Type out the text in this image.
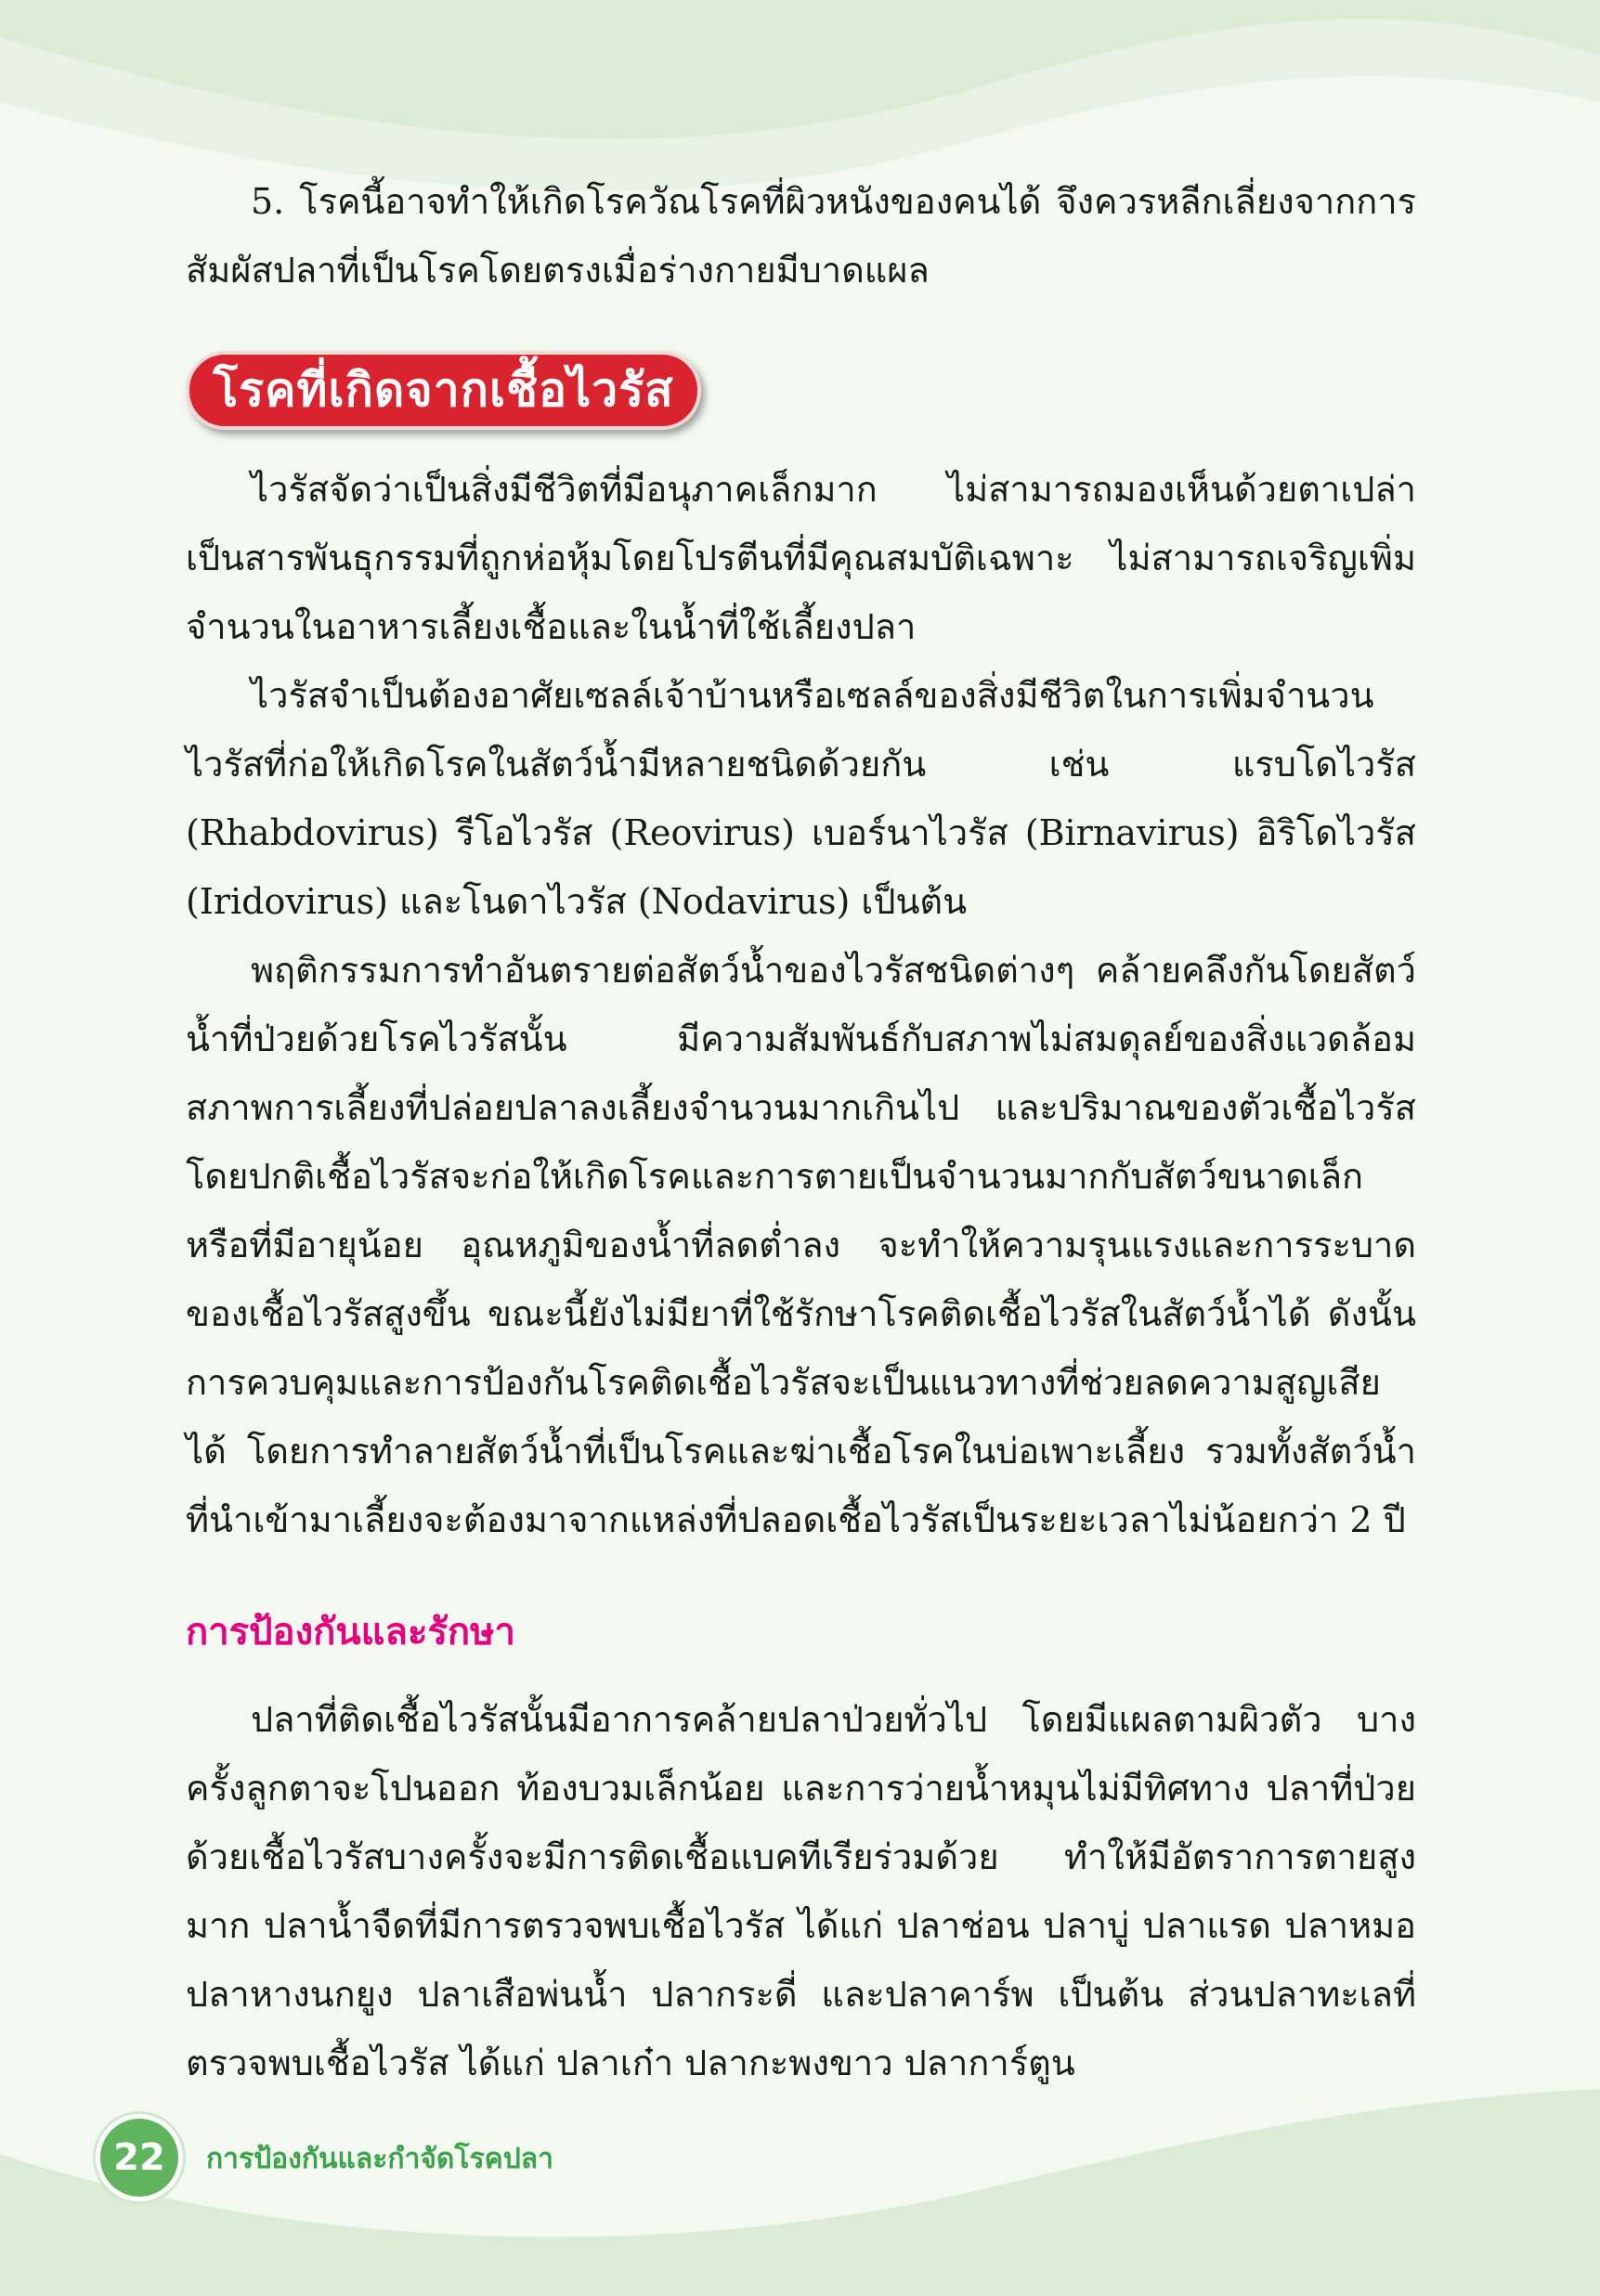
5. โรคนี้อาจทำให้เกิดโรควัณโรคที่ผิวหนังของคนได้ จึงควรหลีกเลี่ยงจากการสัมผัสปลาที่เป็นโรคโดยตรงเมื่อร่างกายมีบาดแผล

ไวรัสจัดว่าเป็นสิ่งมีชีวิตที่มีอนุภาคเล็กมาก ไม่สามารถมองเห็นด้วยตาเปล่า เป็นสารพันธุกรรมที่ถูกห่อหุ้มโดยโปรตีนที่มีคุณสมบัติเฉพาะ ไม่สามารถเจริญเพิ่มจำนวนในอาหารเลี้ยงเชื้อและในน้ำที่ใช้เลี้ยงปลา

ไวรัสจำเป็นต้องอาศัยเซลล์เจ้าบ้านหรือเซลล์ของสิ่งมีชีวิตในการเพิ่มจำนวน ไวรัสที่ก่อให้เกิดโรคในสัตว์น้ำมีหลายชนิดด้วยกัน เช่น แรบโดไวรัส (Rhabdovirus) รีโอไวรัส (Reovirus) เบอร์นาไวรัส (Birnavirus) อิริโดไวรัส (Iridovirus) และโนดาไวรัส (Nodavirus) เป็นต้น

พฤติกรรมการทำอันตรายต่อสัตว์น้ำของไวรัสชนิดต่างๆ คล้ายคลึงกันโดยสัตว์น้ำที่ป่วยด้วยโรคไวรัสนั้น มีความสัมพันธ์กับสภาพไม่สมดุลย์ของสิ่งแวดล้อม สภาพการเลี้ยงที่ปล่อยปลาลงเลี้ยงจำนวนมากเกินไป และปริมาณของตัวเชื้อไวรัส โดยปกติเชื้อไวรัสจะก่อให้เกิดโรคและการตายเป็นจำนวนมากกับสัตว์ขนาดเล็กหรือที่มีอายุน้อย อุณหภูมิของน้ำที่ลดต่ำลง จะทำให้ความรุนแรงและการระบาดของเชื้อไวรัสสูงขึ้น ขณะนี้ยังไม่มียาที่ใช้รักษาโรคติดเชื้อไวรัสในสัตว์น้ำได้ ดังนั้นการควบคุมและการป้องกันโรคติดเชื้อไวรัสจะเป็นแนวทางที่ช่วยลดความสูญเสียได้ โดยการทำลายสัตว์น้ำที่เป็นโรคและฆ่าเชื้อโรคในบ่อเพาะเลี้ยง รวมทั้งสัตว์น้ำที่นำเข้ามาเลี้ยงจะต้องมาจากแหล่งที่ปลอดเชื้อไวรัสเป็นระยะเวลาไม่น้อยกว่า 2 ปี

ปลาที่ติดเชื้อไวรัสนั้นมีอาการคล้ายปลาป่วยทั่วไป โดยมีแผลตามผิวตัว บางครั้งลูกตาจะโปนออก ท้องบวมเล็กน้อย และการว่ายน้ำหมุนไม่มีทิศทาง ปลาที่ป่วยด้วยเชื้อไวรัสบางครั้งจะมีการติดเชื้อแบคทีเรียร่วมด้วย ทำให้มีอัตราการตายสูงมาก ปลาน้ำจืดที่มีการตรวจพบเชื้อไวรัส ได้แก่ ปลาช่อน ปลาบู่ ปลาแรด ปลาหมอ ปลาหางนกยูง ปลาเสือพ่นน้ำ ปลากระดี่ และปลาคาร์พ เป็นต้น ส่วนปลาทะเลที่ตรวจพบเชื้อไวรัส ได้แก่ ปลาเก๋า ปลากะพงขาว ปลาการ์ตูน

โรคที่เกิดจากเชื้อไวรัส
การป้องกันและรักษา
22 การป้องกันและกำจัดโรคปลา
